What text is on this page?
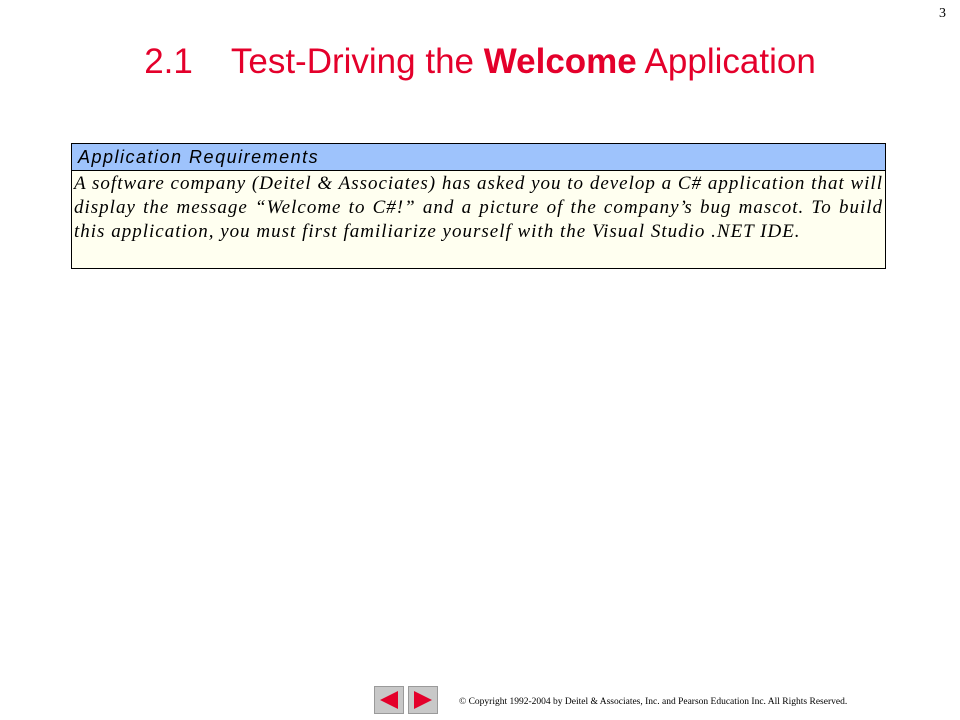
3
2.1 Test-Driving the Welcome Application
Application Requirements
A software company (Deitel & Associates) has asked you to develop a C# application that will display the message “Welcome to C#!” and a picture of the company’s bug mascot. To build this application, you must first familiarize yourself with the Visual Studio .NET IDE.
© Copyright 1992-2004 by Deitel & Associates, Inc. and Pearson Education Inc. All Rights Reserved.
